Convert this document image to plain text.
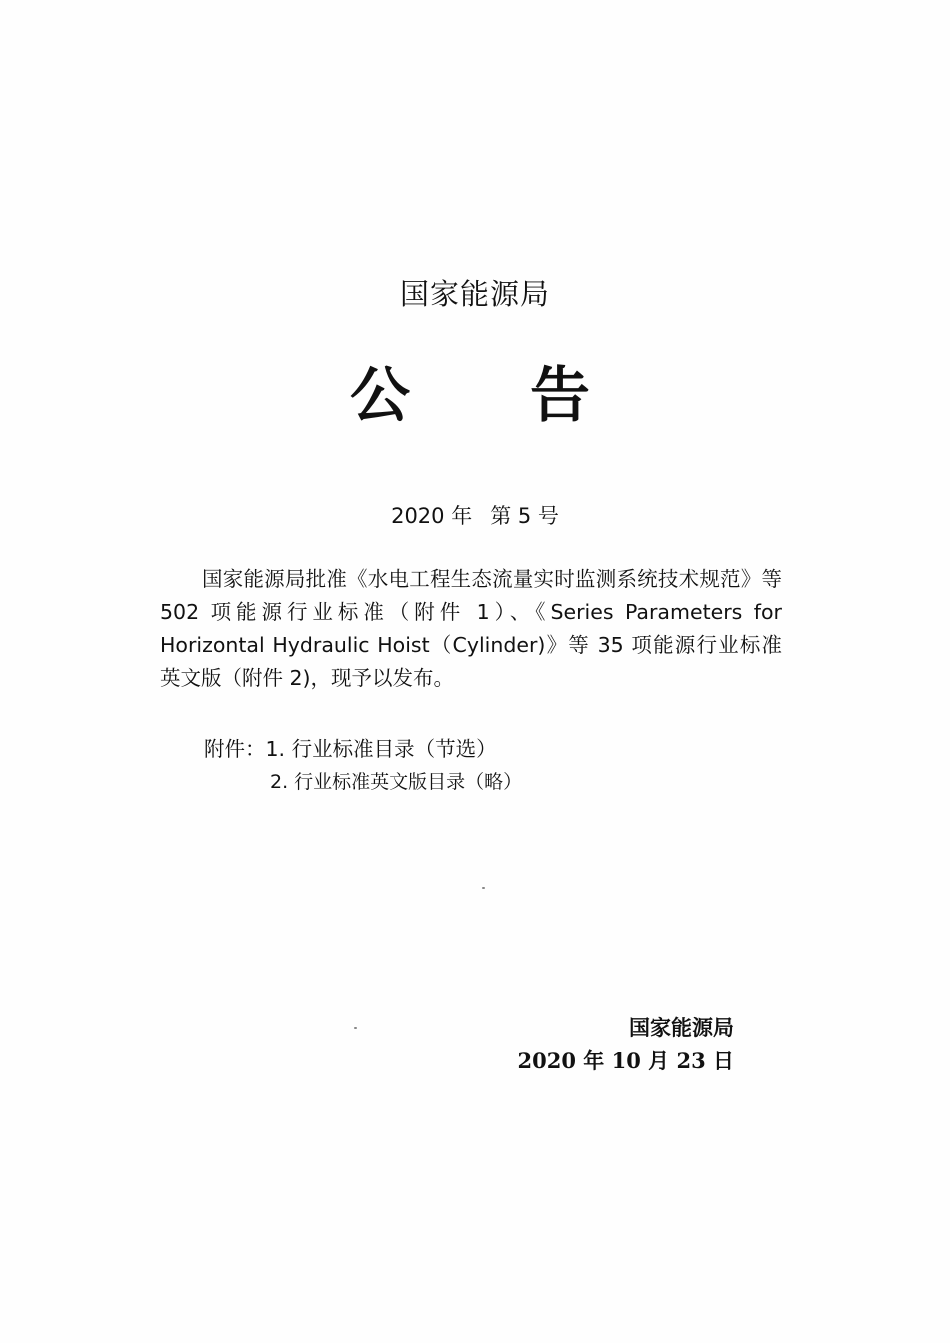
国家能源局
公 告
2020 年 第 5 号
国家能源局批准《水电工程生态流量实时监测系统技术规范》等 502 项能源行业标准（附件 1）、《Series Parameters for Horizontal Hydraulic Hoist（Cylinder)》等 35 项能源行业标准英文版（附件 2)，现予以发布。
附件：1. 行业标准目录（节选）
2. 行业标准英文版目录（略）
国家能源局
2020 年 10 月 23 日
